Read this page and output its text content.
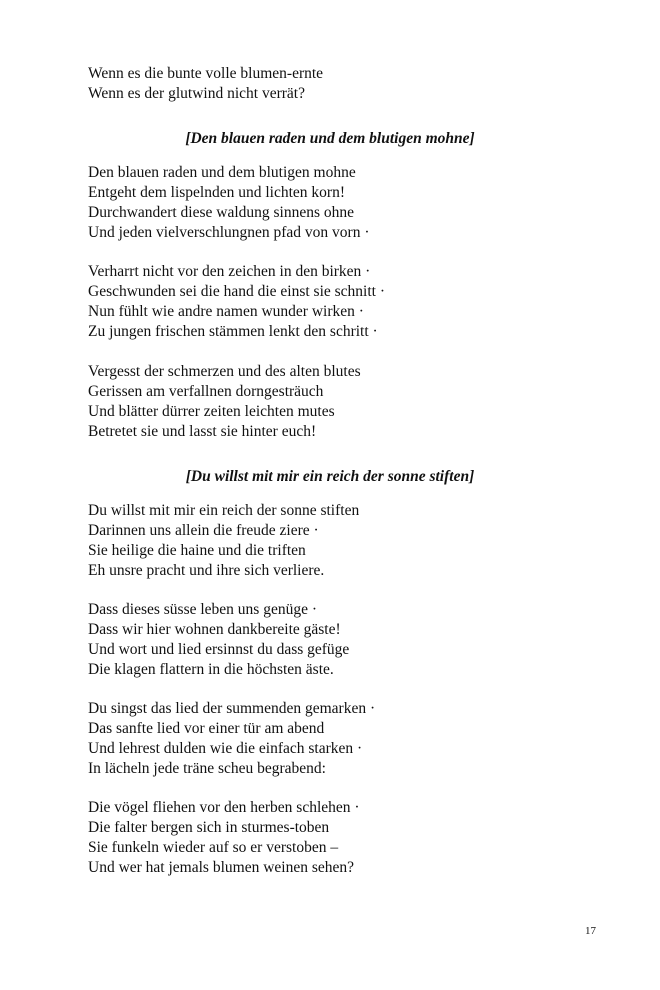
Wenn es die bunte volle blumen-ernte

Wenn es der glutwind nicht verrät?

[Den blauen raden und dem blutigen mohne]

Den blauen raden und dem blutigen mohne

Entgeht dem lispelnden und lichten korn!

Durchwandert diese waldung sinnens ohne

Und jeden vielverschlungnen pfad von vorn ·

Verharrt nicht vor den zeichen in den birken ·

Geschwunden sei die hand die einst sie schnitt ·

Nun fühlt wie andre namen wunder wirken ·

Zu jungen frischen stämmen lenkt den schritt ·

Vergesst der schmerzen und des alten blutes

Gerissen am verfallnen dorngesträuch

Und blätter dürrer zeiten leichten mutes

Betretet sie und lasst sie hinter euch!

[Du willst mit mir ein reich der sonne stiften]

Du willst mit mir ein reich der sonne stiften

Darinnen uns allein die freude ziere ·

Sie heilige die haine und die triften

Eh unsre pracht und ihre sich verliere.

Dass dieses süsse leben uns genüge ·

Dass wir hier wohnen dankbereite gäste!

Und wort und lied ersinnst du dass gefüge

Die klagen flattern in die höchsten äste.

Du singst das lied der summenden gemarken ·

Das sanfte lied vor einer tür am abend

Und lehrest dulden wie die einfach starken ·

In lächeln jede träne scheu begrabend:

Die vögel fliehen vor den herben schlehen ·

Die falter bergen sich in sturmes-toben

Sie funkeln wieder auf so er verstoben –

Und wer hat jemals blumen weinen sehen?

17
